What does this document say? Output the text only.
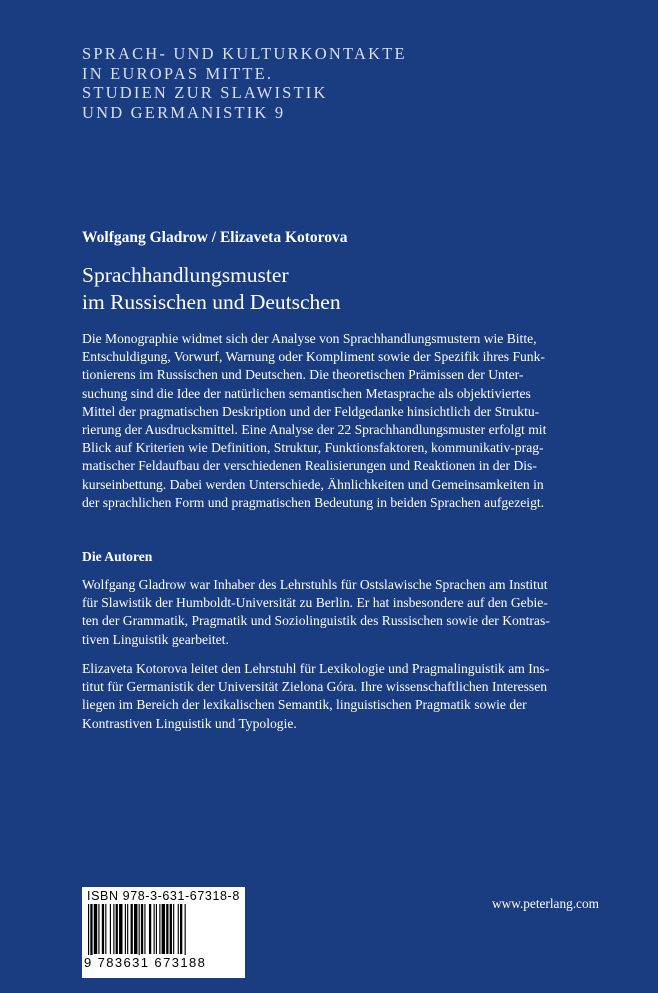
SPRACH- UND KULTURKONTAKTE
IN EUROPAS MITTE.
STUDIEN ZUR SLAWISTIK
UND GERMANISTIK 9
Wolfgang Gladrow / Elizaveta Kotorova
Sprachhandlungsmuster
im Russischen und Deutschen
Die Monographie widmet sich der Analyse von Sprachhandlungsmustern wie Bitte,
Entschuldigung, Vorwurf, Warnung oder Kompliment sowie der Spezifik ihres Funk-
tionierens im Russischen und Deutschen. Die theoretischen Prämissen der Unter-
suchung sind die Idee der natürlichen semantischen Metasprache als objektiviertes
Mittel der pragmatischen Deskription und der Feldgedanke hinsichtlich der Struktu-
rierung der Ausdrucksmittel. Eine Analyse der 22 Sprachhandlungsmuster erfolgt mit
Blick auf Kriterien wie Definition, Struktur, Funktionsfaktoren, kommunikativ-prag-
matischer Feldaufbau der verschiedenen Realisierungen und Reaktionen in der Dis-
kurseinbettung. Dabei werden Unterschiede, Ähnlichkeiten und Gemeinsamkeiten in
der sprachlichen Form und pragmatischen Bedeutung in beiden Sprachen aufgezeigt.
Die Autoren
Wolfgang Gladrow war Inhaber des Lehrstuhls für Ostslawische Sprachen am Institut
für Slawistik der Humboldt-Universität zu Berlin. Er hat insbesondere auf den Gebie-
ten der Grammatik, Pragmatik und Soziolinguistik des Russischen sowie der Kontras-
tiven Linguistik gearbeitet.
Elizaveta Kotorova leitet den Lehrstuhl für Lexikologie und Pragmalinguistik am Ins-
titut für Germanistik der Universität Zielona Góra. Ihre wissenschaftlichen Interessen
liegen im Bereich der lexikalischen Semantik, linguistischen Pragmatik sowie der
Kontrastiven Linguistik und Typologie.
ISBN 978-3-631-67318-8
9 783631 673188
www.peterlang.com
